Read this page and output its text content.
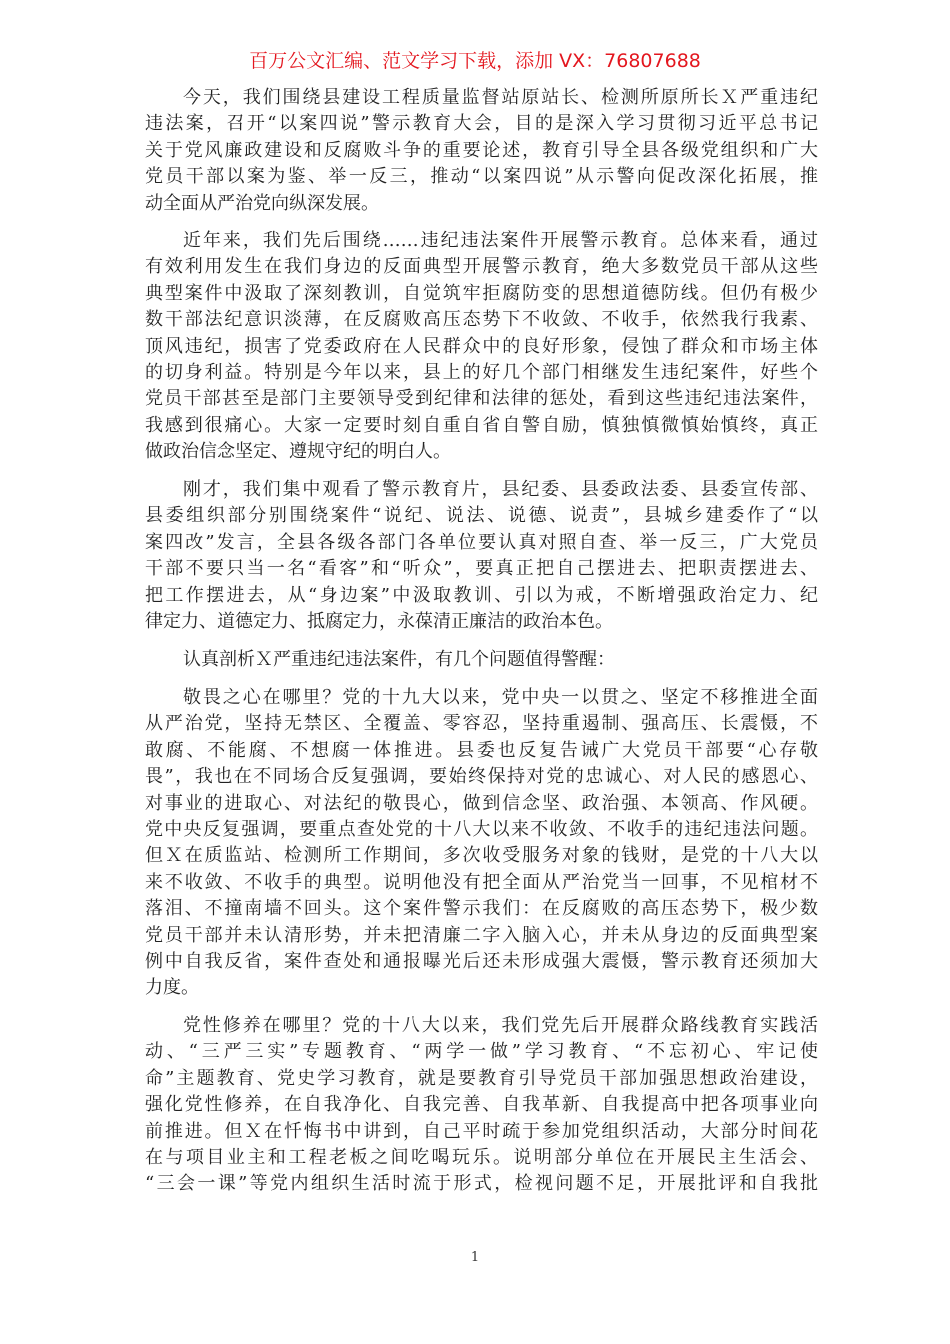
百万公文汇编、范文学习下载，添加 VX：76807688
今天，我们围绕县建设工程质量监督站原站长、检测所原所长Ｘ严重违纪
违法案，召开“以案四说”警示教育大会，目的是深入学习贯彻习近平总书记
关于党风廉政建设和反腐败斗争的重要论述，教育引导全县各级党组织和广大
党员干部以案为鉴、举一反三，推动“以案四说”从示警向促改深化拓展，推
动全面从严治党向纵深发展。
近年来，我们先后围绕……违纪违法案件开展警示教育。总体来看，通过
有效利用发生在我们身边的反面典型开展警示教育，绝大多数党员干部从这些
典型案件中汲取了深刻教训，自觉筑牢拒腐防变的思想道德防线。但仍有极少
数干部法纪意识淡薄，在反腐败高压态势下不收敛、不收手，依然我行我素、
顶风违纪，损害了党委政府在人民群众中的良好形象，侵蚀了群众和市场主体
的切身利益。特别是今年以来，县上的好几个部门相继发生违纪案件，好些个
党员干部甚至是部门主要领导受到纪律和法律的惩处，看到这些违纪违法案件，
我感到很痛心。大家一定要时刻自重自省自警自励，慎独慎微慎始慎终，真正
做政治信念坚定、遵规守纪的明白人。
刚才，我们集中观看了警示教育片，县纪委、县委政法委、县委宣传部、
县委组织部分别围绕案件“说纪、说法、说德、说责”，县城乡建委作了“以
案四改”发言，全县各级各部门各单位要认真对照自查、举一反三，广大党员
干部不要只当一名“看客”和“听众”，要真正把自己摆进去、把职责摆进去、
把工作摆进去，从“身边案”中汲取教训、引以为戒，不断增强政治定力、纪
律定力、道德定力、抵腐定力，永葆清正廉洁的政治本色。
认真剖析Ｘ严重违纪违法案件，有几个问题值得警醒：
敬畏之心在哪里？党的十九大以来，党中央一以贯之、坚定不移推进全面
从严治党，坚持无禁区、全覆盖、零容忍，坚持重遏制、强高压、长震慑，不
敢腐、不能腐、不想腐一体推进。县委也反复告诫广大党员干部要“心存敬
畏”，我也在不同场合反复强调，要始终保持对党的忠诚心、对人民的感恩心、
对事业的进取心、对法纪的敬畏心，做到信念坚、政治强、本领高、作风硬。
党中央反复强调，要重点查处党的十八大以来不收敛、不收手的违纪违法问题。
但Ｘ在质监站、检测所工作期间，多次收受服务对象的钱财，是党的十八大以
来不收敛、不收手的典型。说明他没有把全面从严治党当一回事，不见棺材不
落泪、不撞南墙不回头。这个案件警示我们：在反腐败的高压态势下，极少数
党员干部并未认清形势，并未把清廉二字入脑入心，并未从身边的反面典型案
例中自我反省，案件查处和通报曝光后还未形成强大震慑，警示教育还须加大
力度。
党性修养在哪里？党的十八大以来，我们党先后开展群众路线教育实践活
动、“三严三实”专题教育、“两学一做”学习教育、“不忘初心、牢记使
命”主题教育、党史学习教育，就是要教育引导党员干部加强思想政治建设，
强化党性修养，在自我净化、自我完善、自我革新、自我提高中把各项事业向
前推进。但Ｘ在忏悔书中讲到，自己平时疏于参加党组织活动，大部分时间花
在与项目业主和工程老板之间吃喝玩乐。说明部分单位在开展民主生活会、
“三会一课”等党内组织生活时流于形式，检视问题不足，开展批评和自我批
1
